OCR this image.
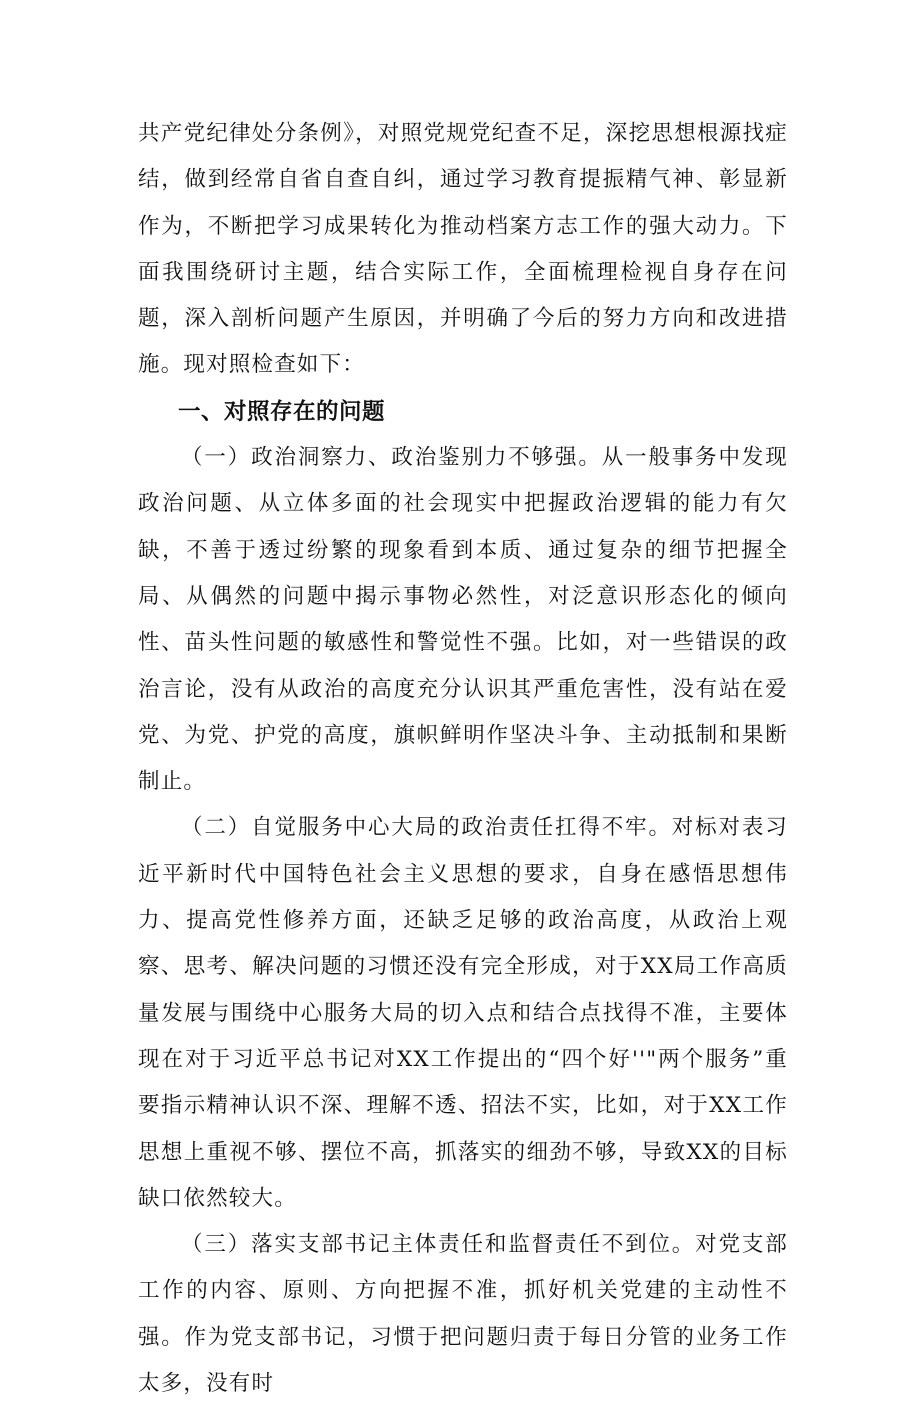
共产党纪律处分条例》，对照党规党纪查不足，深挖思想根源找症结，做到经常自省自查自纠，通过学习教育提振精气神、彰显新作为，不断把学习成果转化为推动档案方志工作的强大动力。下面我围绕研讨主题，结合实际工作，全面梳理检视自身存在问题，深入剖析问题产生原因，并明确了今后的努力方向和改进措施。现对照检查如下：

一、对照存在的问题

（一）政治洞察力、政治鉴别力不够强。从一般事务中发现政治问题、从立体多面的社会现实中把握政治逻辑的能力有欠缺，不善于透过纷繁的现象看到本质、通过复杂的细节把握全局、从偶然的问题中揭示事物必然性，对泛意识形态化的倾向性、苗头性问题的敏感性和警觉性不强。比如，对一些错误的政治言论，没有从政治的高度充分认识其严重危害性，没有站在爱党、为党、护党的高度，旗帜鲜明作坚决斗争、主动抵制和果断制止。

（二）自觉服务中心大局的政治责任扛得不牢。对标对表习近平新时代中国特色社会主义思想的要求，自身在感悟思想伟力、提高党性修养方面，还缺乏足够的政治高度，从政治上观察、思考、解决问题的习惯还没有完全形成，对于XX局工作高质量发展与围绕中心服务大局的切入点和结合点找得不准，主要体现在对于习近平总书记对XX工作提出的“四个好''"两个服务”重要指示精神认识不深、理解不透、招法不实，比如，对于XX工作思想上重视不够、摆位不高，抓落实的细劲不够，导致XX的目标缺口依然较大。

（三）落实支部书记主体责任和监督责任不到位。对党支部工作的内容、原则、方向把握不准，抓好机关党建的主动性不强。作为党支部书记，习惯于把问题归责于每日分管的业务工作太多，没有时
